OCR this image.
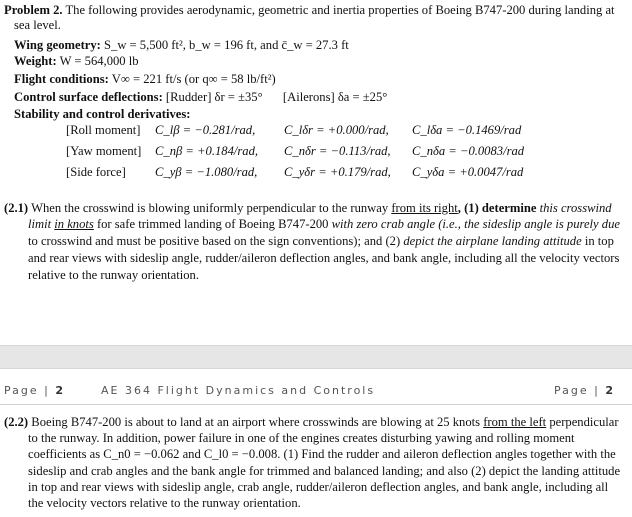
Problem 2. The following provides aerodynamic, geometric and inertia properties of Boeing B747-200 during landing at
sea level.
Wing geometry: S_w = 5,500 ft², b_w = 196 ft, and c̄_w = 27.3 ft
Weight: W = 564,000 lb
Flight conditions: V∞ = 221 ft/s (or q∞ = 58 lb/ft²)
Control surface deflections: [Rudder] δr = ±35° [Ailerons] δa = ±25°
Stability and control derivatives:
[Roll moment] C_lβ = −0.281/rad, C_lδr = +0.000/rad, C_lδa = −0.1469/rad
[Yaw moment] C_nβ = +0.184/rad, C_nδr = −0.113/rad, C_nδa = −0.0083/rad
[Side force] C_yβ = −1.080/rad, C_yδr = +0.179/rad, C_yδa = +0.0047/rad
(2.1) When the crosswind is blowing uniformly perpendicular to the runway from its right, (1) determine this crosswind
limit in knots for safe trimmed landing of Boeing B747-200 with zero crab angle (i.e., the sideslip angle is purely due
to crosswind and must be positive based on the sign conventions); and (2) depict the airplane landing attitude in top
and rear views with sideslip angle, rudder/aileron deflection angles, and bank angle, including all the velocity vectors
relative to the runway orientation.
Page | 2	AE 364 Flight Dynamics and Controls	Page | 2
(2.2) Boeing B747-200 is about to land at an airport where crosswinds are blowing at 25 knots from the left perpendicular
to the runway. In addition, power failure in one of the engines creates disturbing yawing and rolling moment
coefficients as C_n0 = −0.062 and C_l0 = −0.008. (1) Find the rudder and aileron deflection angles together with the
sideslip and crab angles and the bank angle for trimmed and balanced landing; and also (2) depict the landing attitude
in top and rear views with sideslip angle, crab angle, rudder/aileron deflection angles, and bank angle, including all
the velocity vectors relative to the runway orientation.
